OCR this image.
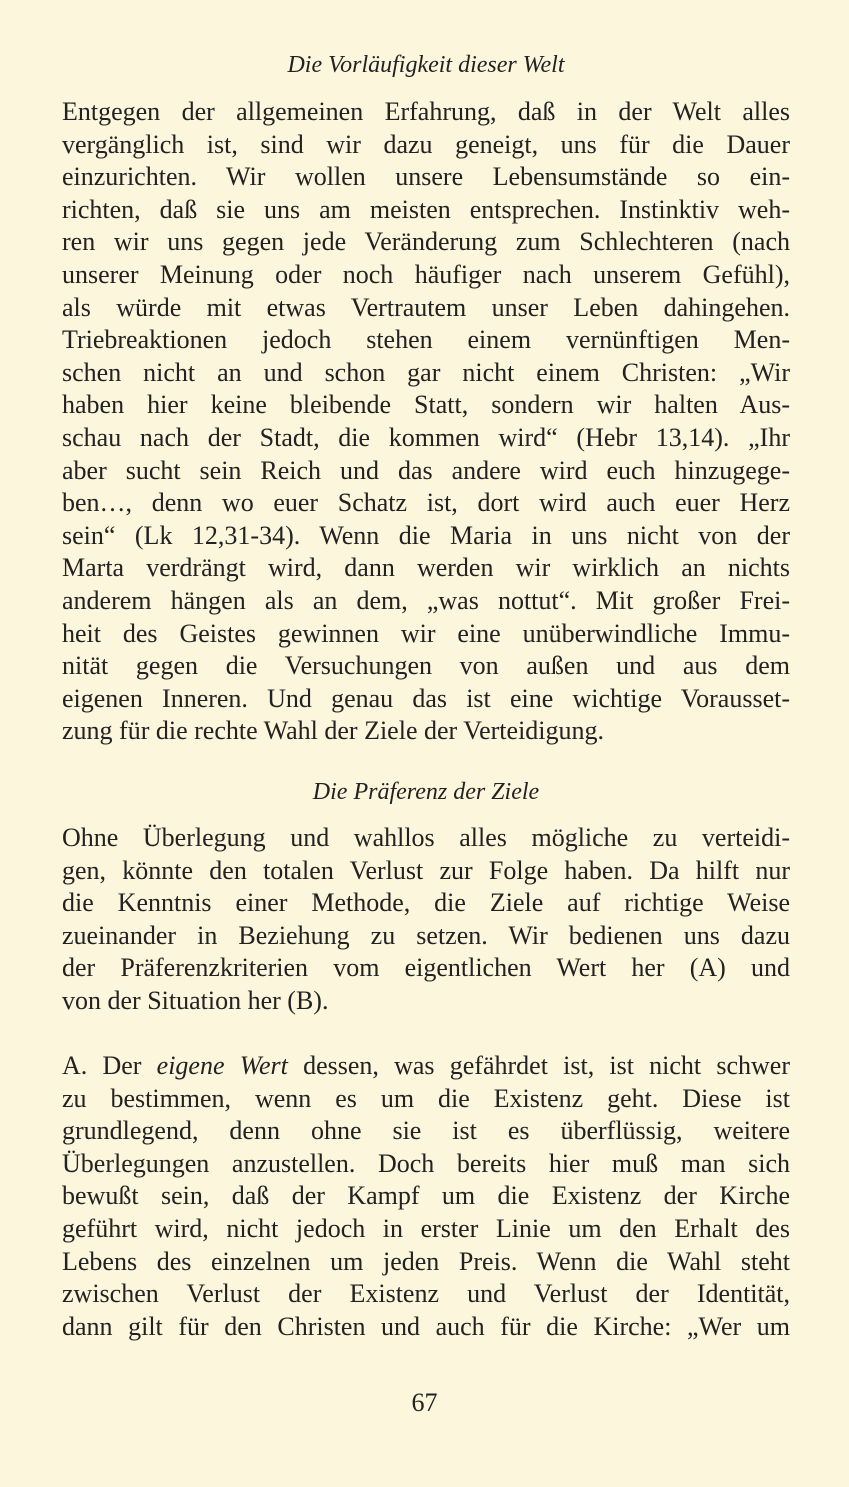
Die Vorläufigkeit dieser Welt
Entgegen der allgemeinen Erfahrung, daß in der Welt alles
vergänglich ist, sind wir dazu geneigt, uns für die Dauer
einzurichten. Wir wollen unsere Lebensumstände so ein-
richten, daß sie uns am meisten entsprechen. Instinktiv weh-
ren wir uns gegen jede Veränderung zum Schlechteren (nach
unserer Meinung oder noch häufiger nach unserem Gefühl),
als würde mit etwas Vertrautem unser Leben dahingehen.
Triebreaktionen jedoch stehen einem vernünftigen Men-
schen nicht an und schon gar nicht einem Christen: „Wir
haben hier keine bleibende Statt, sondern wir halten Aus-
schau nach der Stadt, die kommen wird“ (Hebr 13,14). „Ihr
aber sucht sein Reich und das andere wird euch hinzugege-
ben…, denn wo euer Schatz ist, dort wird auch euer Herz
sein“ (Lk 12,31-34). Wenn die Maria in uns nicht von der
Marta verdrängt wird, dann werden wir wirklich an nichts
anderem hängen als an dem, „was nottut“. Mit großer Frei-
heit des Geistes gewinnen wir eine unüberwindliche Immu-
nität gegen die Versuchungen von außen und aus dem
eigenen Inneren. Und genau das ist eine wichtige Vorausset-
zung für die rechte Wahl der Ziele der Verteidigung.
Die Präferenz der Ziele
Ohne Überlegung und wahllos alles mögliche zu verteidi-
gen, könnte den totalen Verlust zur Folge haben. Da hilft nur
die Kenntnis einer Methode, die Ziele auf richtige Weise
zueinander in Beziehung zu setzen. Wir bedienen uns dazu
der Präferenzkriterien vom eigentlichen Wert her (A) und
von der Situation her (B).
A. Der eigene Wert dessen, was gefährdet ist, ist nicht schwer
zu bestimmen, wenn es um die Existenz geht. Diese ist
grundlegend, denn ohne sie ist es überflüssig, weitere
Überlegungen anzustellen. Doch bereits hier muß man sich
bewußt sein, daß der Kampf um die Existenz der Kirche
geführt wird, nicht jedoch in erster Linie um den Erhalt des
Lebens des einzelnen um jeden Preis. Wenn die Wahl steht
zwischen Verlust der Existenz und Verlust der Identität,
dann gilt für den Christen und auch für die Kirche: „Wer um
67
